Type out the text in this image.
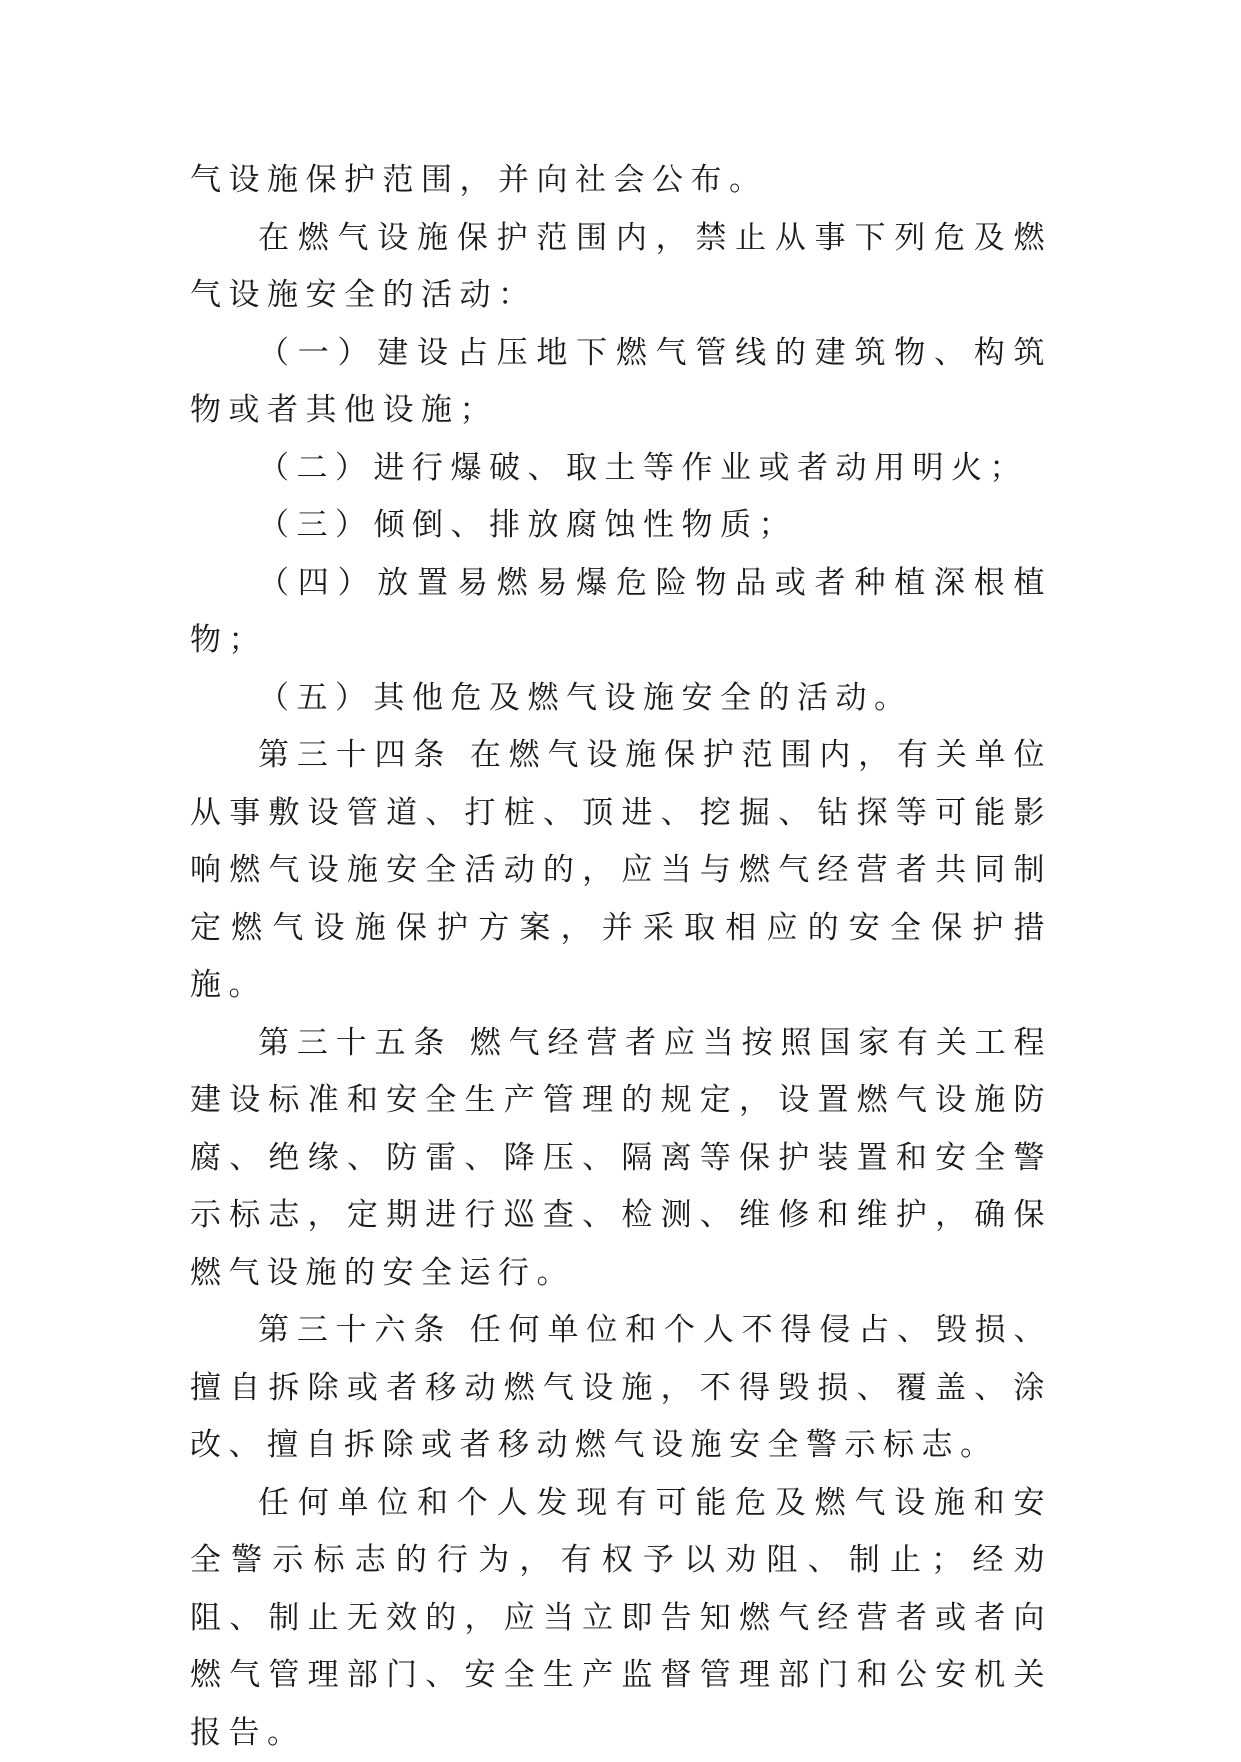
气设施保护范围，并向社会公布。

在燃气设施保护范围内，禁止从事下列危及燃气设施安全的活动：

（一）建设占压地下燃气管线的建筑物、构筑物或者其他设施；

（二）进行爆破、取土等作业或者动用明火；

（三）倾倒、排放腐蚀性物质；

（四）放置易燃易爆危险物品或者种植深根植物；

（五）其他危及燃气设施安全的活动。

第三十四条 在燃气设施保护范围内，有关单位从事敷设管道、打桩、顶进、挖掘、钻探等可能影响燃气设施安全活动的，应当与燃气经营者共同制定燃气设施保护方案，并采取相应的安全保护措施。

第三十五条 燃气经营者应当按照国家有关工程建设标准和安全生产管理的规定，设置燃气设施防腐、绝缘、防雷、降压、隔离等保护装置和安全警示标志，定期进行巡查、检测、维修和维护，确保燃气设施的安全运行。

第三十六条 任何单位和个人不得侵占、毁损、擅自拆除或者移动燃气设施，不得毁损、覆盖、涂改、擅自拆除或者移动燃气设施安全警示标志。

任何单位和个人发现有可能危及燃气设施和安全警示标志的行为，有权予以劝阻、制止；经劝阻、制止无效的，应当立即告知燃气经营者或者向燃气管理部门、安全生产监督管理部门和公安机关报告。
